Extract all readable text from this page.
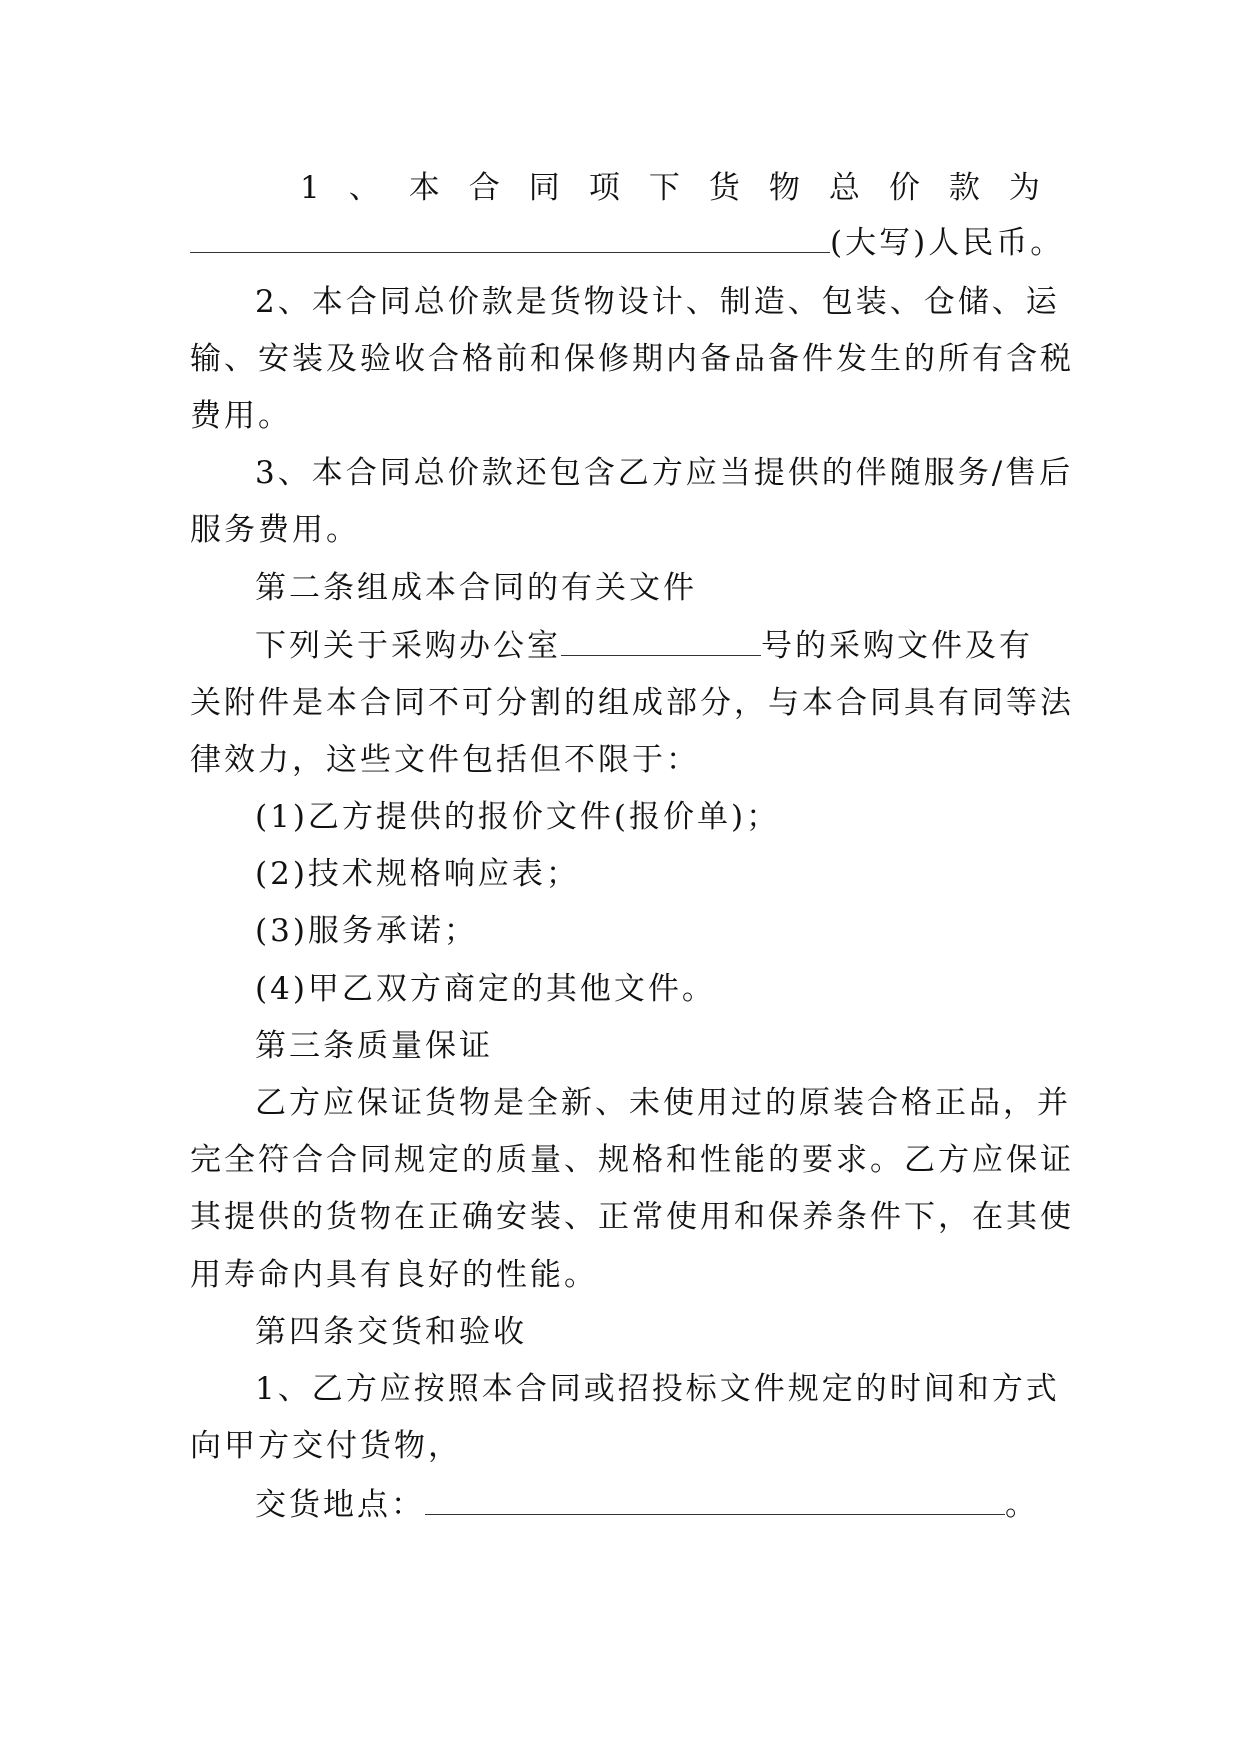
1 、 本 合 同 项 下 货 物 总 价 款 为
(大写)人民币。
2、本合同总价款是货物设计、制造、包装、仓储、运
输、安装及验收合格前和保修期内备品备件发生的所有含税
费用。
3、本合同总价款还包含乙方应当提供的伴随服务/售后
服务费用。
第二条组成本合同的有关文件
下列关于采购办公室	号的采购文件及有
关附件是本合同不可分割的组成部分，与本合同具有同等法
律效力，这些文件包括但不限于：
(1)乙方提供的报价文件(报价单)；
(2)技术规格响应表；
(3)服务承诺；
(4)甲乙双方商定的其他文件。
第三条质量保证
乙方应保证货物是全新、未使用过的原装合格正品，并
完全符合合同规定的质量、规格和性能的要求。乙方应保证
其提供的货物在正确安装、正常使用和保养条件下，在其使
用寿命内具有良好的性能。
第四条交货和验收
1、乙方应按照本合同或招投标文件规定的时间和方式
向甲方交付货物，
交货地点：	。
